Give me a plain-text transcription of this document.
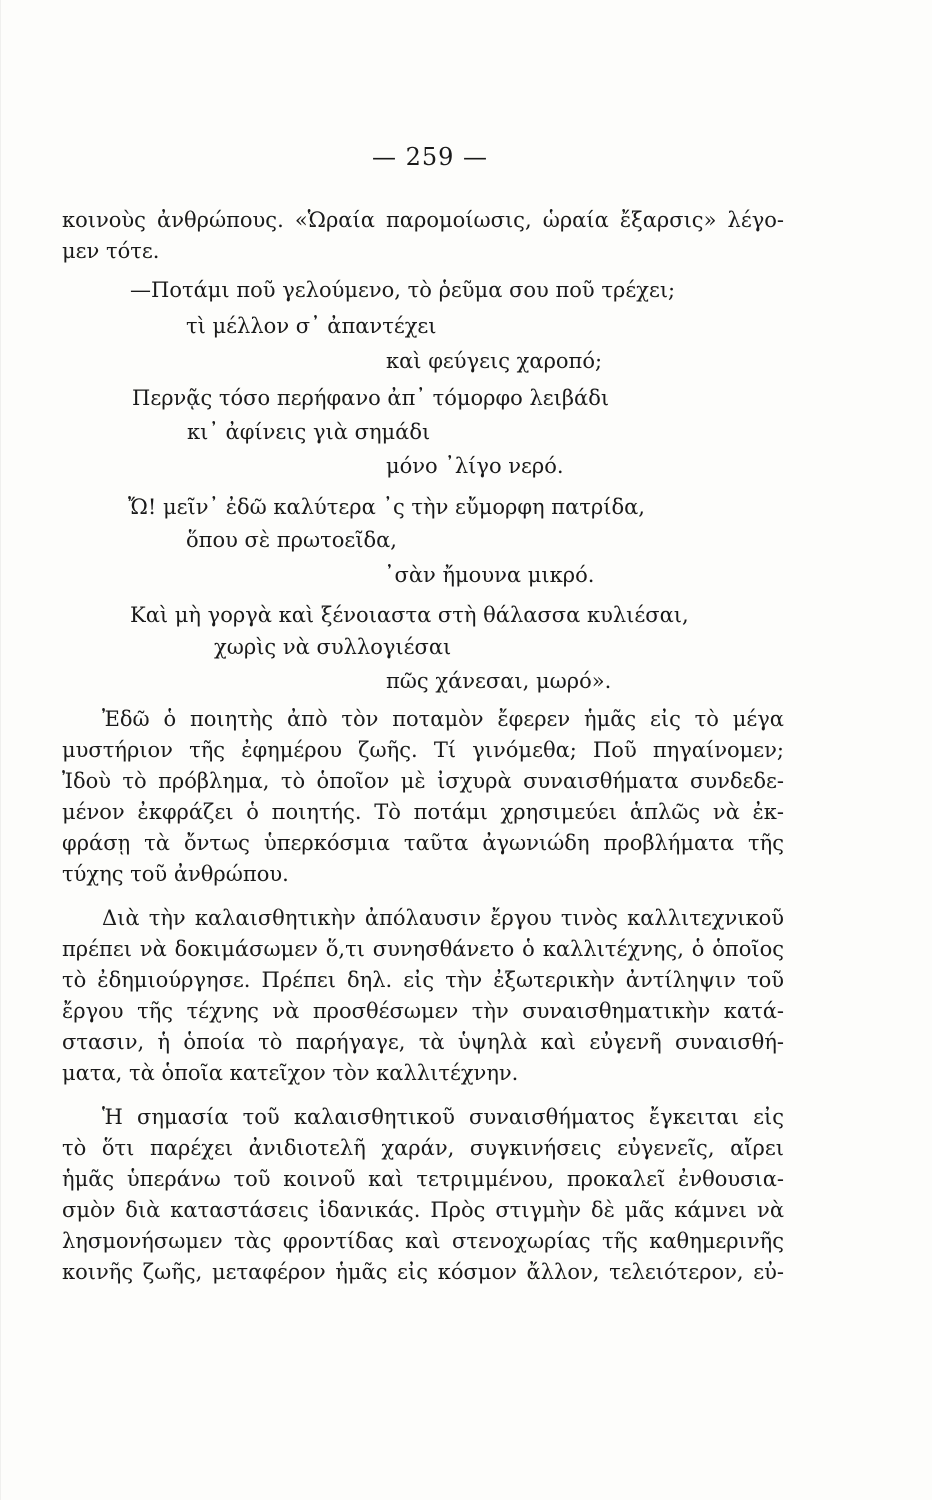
— 259 —
κοινοὺς ἀνθρώπους. «Ὡραία παρομοίωσις, ὡραία ἔξαρσις» λέγο-
μεν τότε.
—Ποτάμι ποῦ γελούμενο, τὸ ῥεῦμα σου ποῦ τρέχει;
τὶ μέλλον σ᾽ ἀπαντέχει
καὶ φεύγεις χαροπό;
Περνᾷς τόσο περήφανο ἀπ᾽ τόμορφο λειβάδι
κι᾽ ἀφίνεις γιὰ σημάδι
μόνο ᾽λίγο νερό.
Ὤ! μεῖν᾽ ἐδῶ καλύτερα ᾽ς τὴν εὔμορφη πατρίδα,
ὅπου σὲ πρωτοεῖδα,
᾽σὰν ἤμουνα μικρό.
Καὶ μὴ γοργὰ καὶ ξένοιαστα στὴ θάλασσα κυλιέσαι,
χωρὶς νὰ συλλογιέσαι
πῶς χάνεσαι, μωρό».
Ἐδῶ ὁ ποιητὴς ἀπὸ τὸν ποταμὸν ἔφερεν ἡμᾶς εἰς τὸ μέγα
μυστήριον τῆς ἐφημέρου ζωῆς. Τί γινόμεθα; Ποῦ πηγαίνομεν;
Ἰδοὺ τὸ πρόβλημα, τὸ ὁποῖον μὲ ἰσχυρὰ συναισθήματα συνδεδε-
μένον ἐκφράζει ὁ ποιητής. Τὸ ποτάμι χρησιμεύει ἁπλῶς νὰ ἐκ-
φράσῃ τὰ ὄντως ὑπερκόσμια ταῦτα ἀγωνιώδη προβλήματα τῆς
τύχης τοῦ ἀνθρώπου.
Διὰ τὴν καλαισθητικὴν ἀπόλαυσιν ἔργου τινὸς καλλιτεχνικοῦ
πρέπει νὰ δοκιμάσωμεν ὅ,τι συνησθάνετο ὁ καλλιτέχνης, ὁ ὁποῖος
τὸ ἐδημιούργησε. Πρέπει δηλ. εἰς τὴν ἐξωτερικὴν ἀντίληψιν τοῦ
ἔργου τῆς τέχνης νὰ προσθέσωμεν τὴν συναισθηματικὴν κατά-
στασιν, ἡ ὁποία τὸ παρήγαγε, τὰ ὑψηλὰ καὶ εὐγενῆ συναισθή-
ματα, τὰ ὁποῖα κατεῖχον τὸν καλλιτέχνην.
Ἡ σημασία τοῦ καλαισθητικοῦ συναισθήματος ἔγκειται εἰς
τὸ ὅτι παρέχει ἀνιδιοτελῆ χαράν, συγκινήσεις εὐγενεῖς, αἴρει
ἡμᾶς ὑπεράνω τοῦ κοινοῦ καὶ τετριμμένου, προκαλεῖ ἐνθουσια-
σμὸν διὰ καταστάσεις ἰδανικάς. Πρὸς στιγμὴν δὲ μᾶς κάμνει νὰ
λησμονήσωμεν τὰς φροντίδας καὶ στενοχωρίας τῆς καθημερινῆς
κοινῆς ζωῆς, μεταφέρον ἡμᾶς εἰς κόσμον ἄλλον, τελειότερον, εὐ-
